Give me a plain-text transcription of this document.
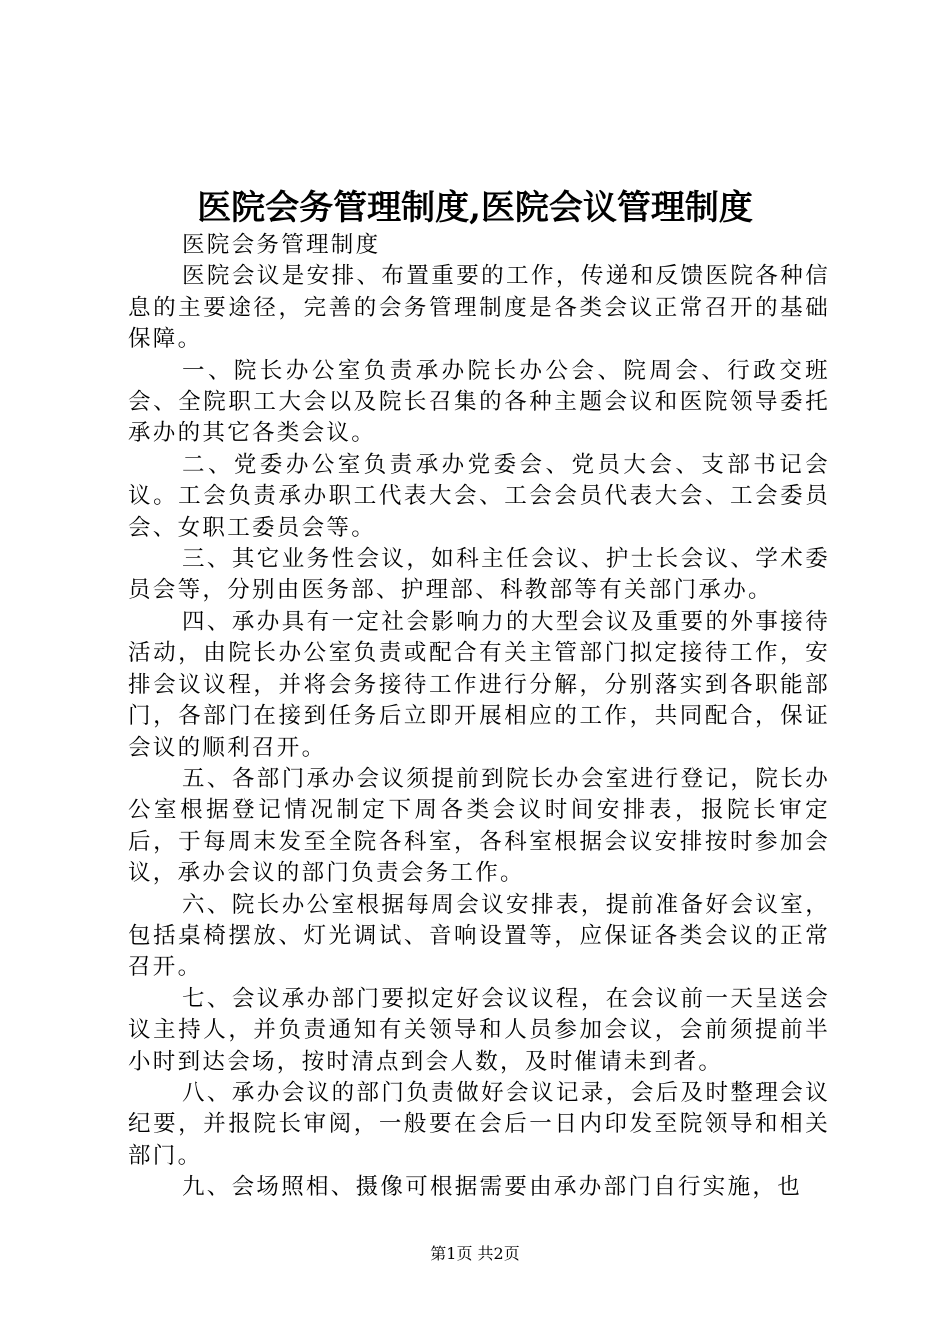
医院会务管理制度,医院会议管理制度

医院会务管理制度

医院会议是安排、布置重要的工作，传递和反馈医院各种信息的主要途径，完善的会务管理制度是各类会议正常召开的基础保障。

一、院长办公室负责承办院长办公会、院周会、行政交班会、全院职工大会以及院长召集的各种主题会议和医院领导委托承办的其它各类会议。

二、党委办公室负责承办党委会、党员大会、支部书记会议。工会负责承办职工代表大会、工会会员代表大会、工会委员会、女职工委员会等。

三、其它业务性会议，如科主任会议、护士长会议、学术委员会等，分别由医务部、护理部、科教部等有关部门承办。

四、承办具有一定社会影响力的大型会议及重要的外事接待活动，由院长办公室负责或配合有关主管部门拟定接待工作，安排会议议程，并将会务接待工作进行分解，分别落实到各职能部门，各部门在接到任务后立即开展相应的工作，共同配合，保证会议的顺利召开。

五、各部门承办会议须提前到院长办会室进行登记，院长办公室根据登记情况制定下周各类会议时间安排表，报院长审定后，于每周末发至全院各科室，各科室根据会议安排按时参加会议，承办会议的部门负责会务工作。

六、院长办公室根据每周会议安排表，提前准备好会议室，包括桌椅摆放、灯光调试、音响设置等，应保证各类会议的正常召开。

七、会议承办部门要拟定好会议议程，在会议前一天呈送会议主持人，并负责通知有关领导和人员参加会议，会前须提前半小时到达会场，按时清点到会人数，及时催请未到者。

八、承办会议的部门负责做好会议记录，会后及时整理会议纪要，并报院长审阅，一般要在会后一日内印发至院领导和相关部门。

九、会场照相、摄像可根据需要由承办部门自行实施，也

第1页 共2页
